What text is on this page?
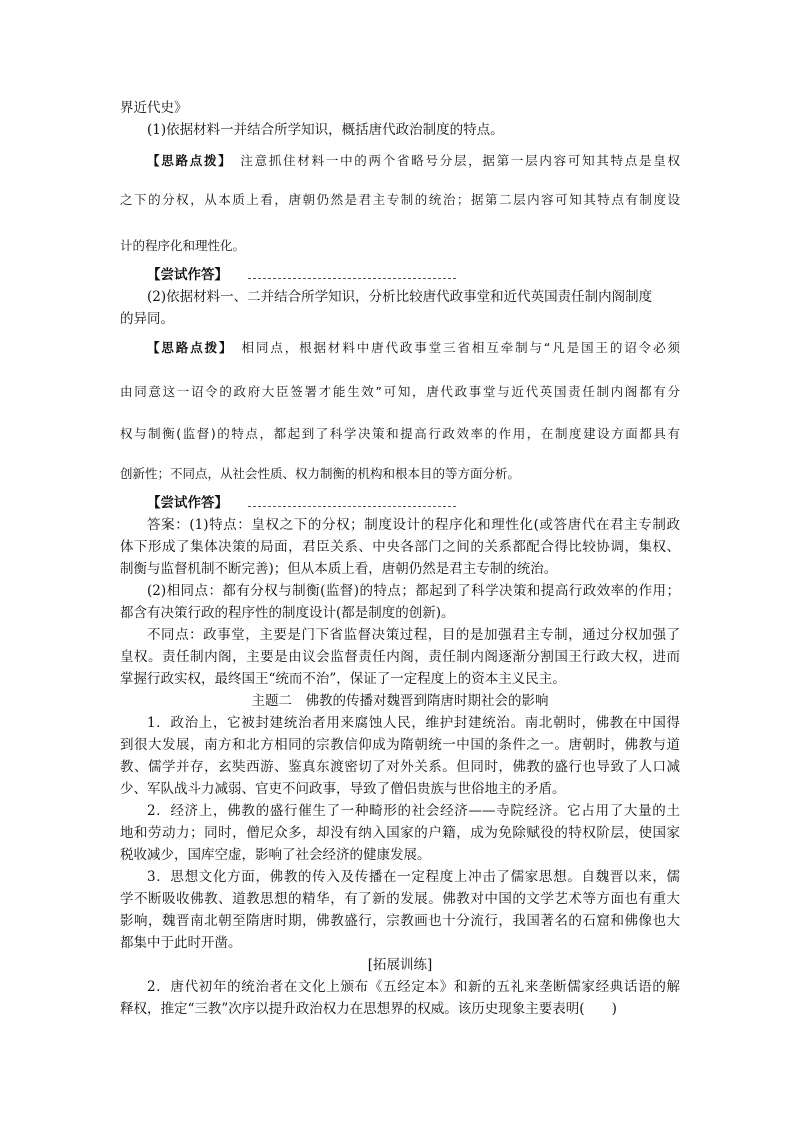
界近代史》
(1)依据材料一并结合所学知识，概括唐代政治制度的特点。
【思路点拨】　 注意抓住材料一中的两个省略号分层，据第一层内容可知其特点是皇权
之下的分权，从本质上看，唐朝仍然是君主专制的统治；据第二层内容可知其特点有制度设
计的程序化和理性化。
【尝试作答】
(2)依据材料一、二并结合所学知识，分析比较唐代政事堂和近代英国责任制内阁制度
的异同。
【思路点拨】　 相同点，根据材料中唐代政事堂三省相互牵制与“凡是国王的诏令必须
由同意这一诏令的政府大臣签署才能生效”可知，唐代政事堂与近代英国责任制内阁都有分
权与制衡(监督)的特点，都起到了科学决策和提高行政效率的作用，在制度建设方面都具有
创新性；不同点，从社会性质、权力制衡的机构和根本目的等方面分析。
【尝试作答】
答案：(1)特点：皇权之下的分权；制度设计的程序化和理性化(或答唐代在君主专制政
体下形成了集体决策的局面，君臣关系、中央各部门之间的关系都配合得比较协调，集权、
制衡与监督机制不断完善)；但从本质上看，唐朝仍然是君主专制的统治。
(2)相同点：都有分权与制衡(监督)的特点；都起到了科学决策和提高行政效率的作用；
都含有决策行政的程序性的制度设计(都是制度的创新)。
不同点：政事堂，主要是门下省监督决策过程，目的是加强君主专制，通过分权加强了
皇权。责任制内阁，主要是由议会监督责任内阁，责任制内阁逐渐分割国王行政大权，进而
掌握行政实权，最终国王“统而不治”，保证了一定程度上的资本主义民主。
主题二　佛教的传播对魏晋到隋唐时期社会的影响
1．政治上，它被封建统治者用来腐蚀人民，维护封建统治。南北朝时，佛教在中国得
到很大发展，南方和北方相同的宗教信仰成为隋朝统一中国的条件之一。唐朝时，佛教与道
教、儒学并存，玄奘西游、鉴真东渡密切了对外关系。但同时，佛教的盛行也导致了人口减
少、军队战斗力减弱、官吏不问政事，导致了僧侣贵族与世俗地主的矛盾。
2．经济上，佛教的盛行催生了一种畸形的社会经济——寺院经济。它占用了大量的土
地和劳动力；同时，僧尼众多，却没有纳入国家的户籍，成为免除赋役的特权阶层，使国家
税收减少，国库空虚，影响了社会经济的健康发展。
3．思想文化方面，佛教的传入及传播在一定程度上冲击了儒家思想。自魏晋以来，儒
学不断吸收佛教、道教思想的精华，有了新的发展。佛教对中国的文学艺术等方面也有重大
影响，魏晋南北朝至隋唐时期，佛教盛行，宗教画也十分流行，我国著名的石窟和佛像也大
都集中于此时开凿。
[拓展训练]
2．唐代初年的统治者在文化上颁布《五经定本》和新的五礼来垄断儒家经典话语的解
释权，推定“三教”次序以提升政治权力在思想界的权威。该历史现象主要表明(　　)
